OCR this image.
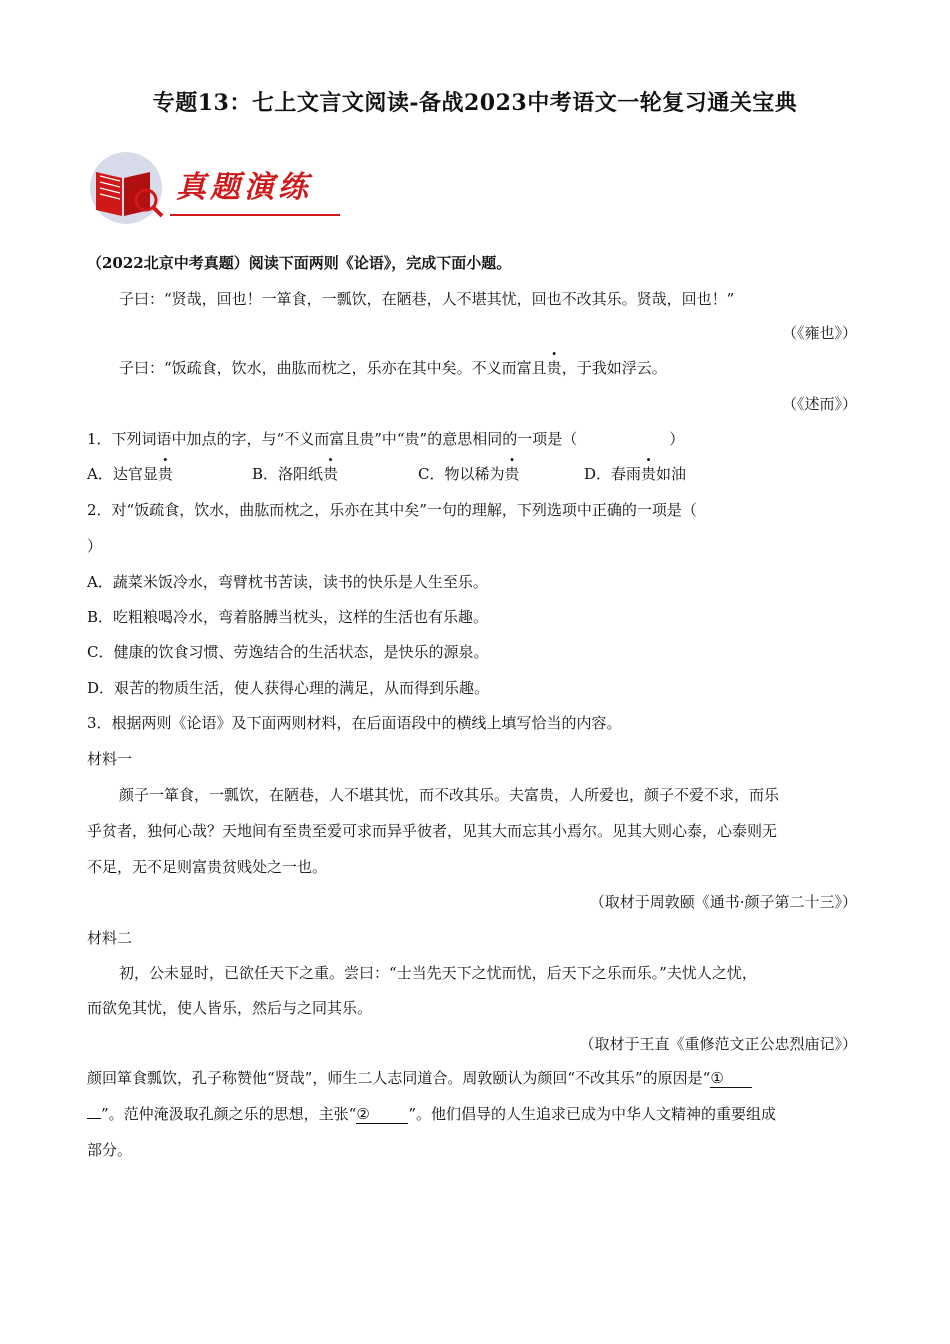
专题13：七上文言文阅读-备战2023中考语文一轮复习通关宝典
真题演练
（2022北京中考真题）阅读下面两则《论语》，完成下面小题。
子曰：“贤哉，回也！一箪食，一瓢饮，在陋巷，人不堪其忧，回也不改其乐。贤哉，回也！”
（《雍也》）
子曰：“饭疏食，饮水，曲肱而枕之，乐亦在其中矣。不义而富且贵，于我如浮云。
（《述而》）
1．下列词语中加点的字，与“不义而富且贵”中“贵”的意思相同的一项是（	）
A．达官显贵	B．洛阳纸贵	C．物以稀为贵	D．春雨贵如油
2．对“饭疏食，饮水，曲肱而枕之，乐亦在其中矣”一句的理解，下列选项中正确的一项是（
）
A．蔬菜米饭冷水，弯臂枕书苦读，读书的快乐是人生至乐。
B．吃粗粮喝冷水，弯着胳膊当枕头，这样的生活也有乐趣。
C．健康的饮食习惯、劳逸结合的生活状态，是快乐的源泉。
D．艰苦的物质生活，使人获得心理的满足，从而得到乐趣。
3．根据两则《论语》及下面两则材料，在后面语段中的横线上填写恰当的内容。
材料一
颜子一箪食，一瓢饮，在陋巷，人不堪其忧，而不改其乐。夫富贵，人所爱也，颜子不爱不求，而乐
乎贫者，独何心哉？天地间有至贵至爱可求而异乎彼者，见其大而忘其小焉尔。见其大则心泰，心泰则无
不足，无不足则富贵贫贱处之一也。
（取材于周敦颐《通书·颜子第二十三》）
材料二
初，公未显时，已欲任天下之重。尝曰：“士当先天下之忧而忧，后天下之乐而乐。”夫忧人之忧，
而欲免其忧，使人皆乐，然后与之同其乐。
（取材于王直《重修范文正公忠烈庙记》）
颜回箪食瓢饮，孔子称赞他“贤哉”，师生二人志同道合。周敦颐认为颜回“不改其乐”的原因是“①
”。范仲淹汲取孔颜之乐的思想，主张“②	”。他们倡导的人生追求已成为中华人文精神的重要组成
部分。
